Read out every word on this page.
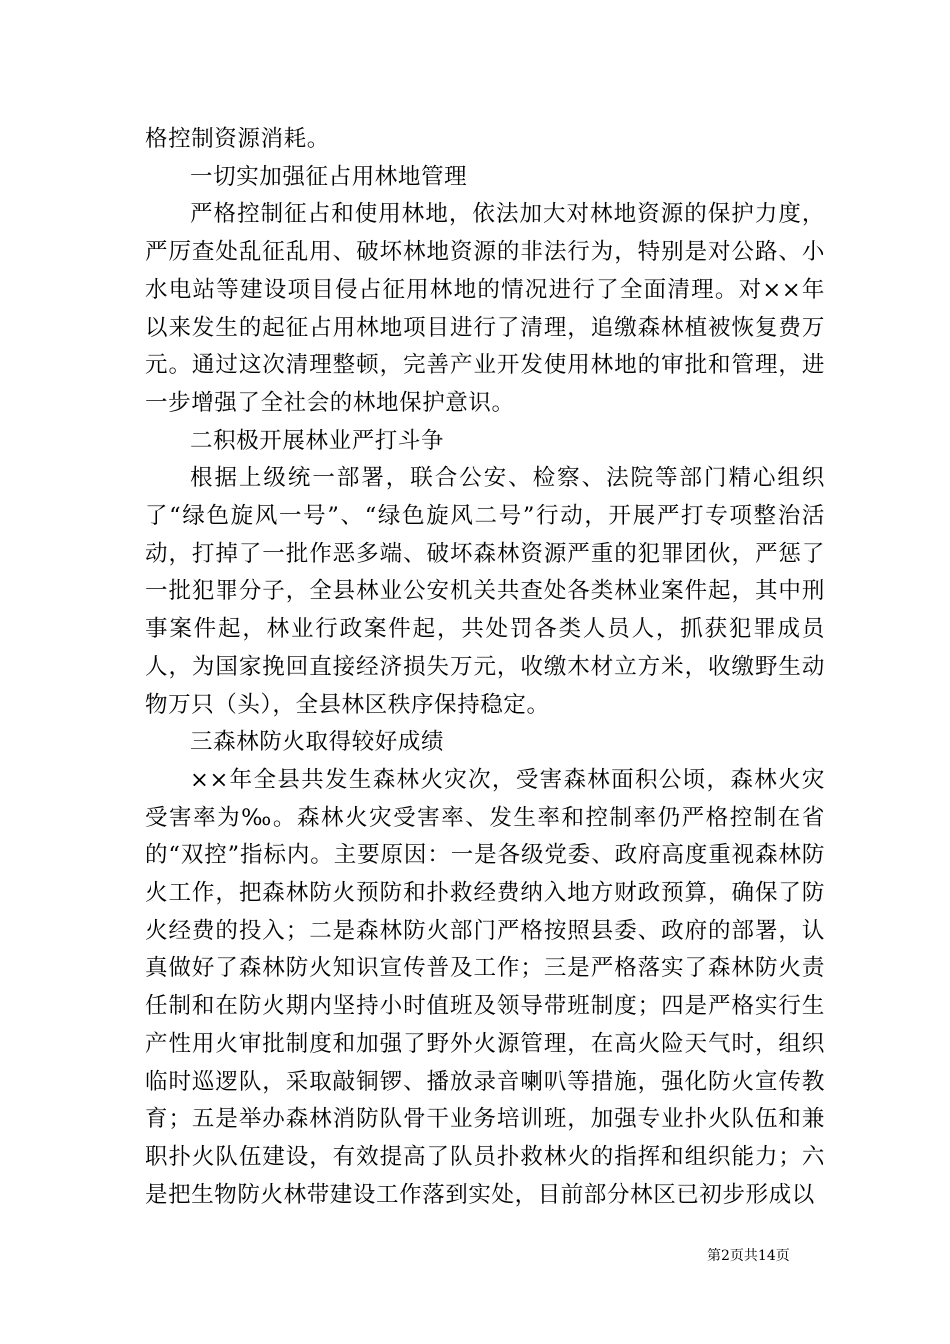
格控制资源消耗。

一切实加强征占用林地管理

严格控制征占和使用林地，依法加大对林地资源的保护力度，严厉查处乱征乱用、破坏林地资源的非法行为，特别是对公路、小水电站等建设项目侵占征用林地的情况进行了全面清理。对××年以来发生的起征占用林地项目进行了清理，追缴森林植被恢复费万元。通过这次清理整顿，完善产业开发使用林地的审批和管理，进一步增强了全社会的林地保护意识。

二积极开展林业严打斗争

根据上级统一部署，联合公安、检察、法院等部门精心组织了“绿色旋风一号”、“绿色旋风二号”行动，开展严打专项整治活动，打掉了一批作恶多端、破坏森林资源严重的犯罪团伙，严惩了一批犯罪分子，全县林业公安机关共查处各类林业案件起，其中刑事案件起，林业行政案件起，共处罚各类人员人，抓获犯罪成员人，为国家挽回直接经济损失万元，收缴木材立方米，收缴野生动物万只（头），全县林区秩序保持稳定。

三森林防火取得较好成绩

××年全县共发生森林火灾次，受害森林面积公顷，森林火灾受害率为‰。森林火灾受害率、发生率和控制率仍严格控制在省的“双控”指标内。主要原因：一是各级党委、政府高度重视森林防火工作，把森林防火预防和扑救经费纳入地方财政预算，确保了防火经费的投入；二是森林防火部门严格按照县委、政府的部署，认真做好了森林防火知识宣传普及工作；三是严格落实了森林防火责任制和在防火期内坚持小时值班及领导带班制度；四是严格实行生产性用火审批制度和加强了野外火源管理，在高火险天气时，组织临时巡逻队，采取敲铜锣、播放录音喇叭等措施，强化防火宣传教育；五是举办森林消防队骨干业务培训班，加强专业扑火队伍和兼职扑火队伍建设，有效提高了队员扑救林火的指挥和组织能力；六是把生物防火林带建设工作落到实处，目前部分林区已初步形成以

第2页共14页
